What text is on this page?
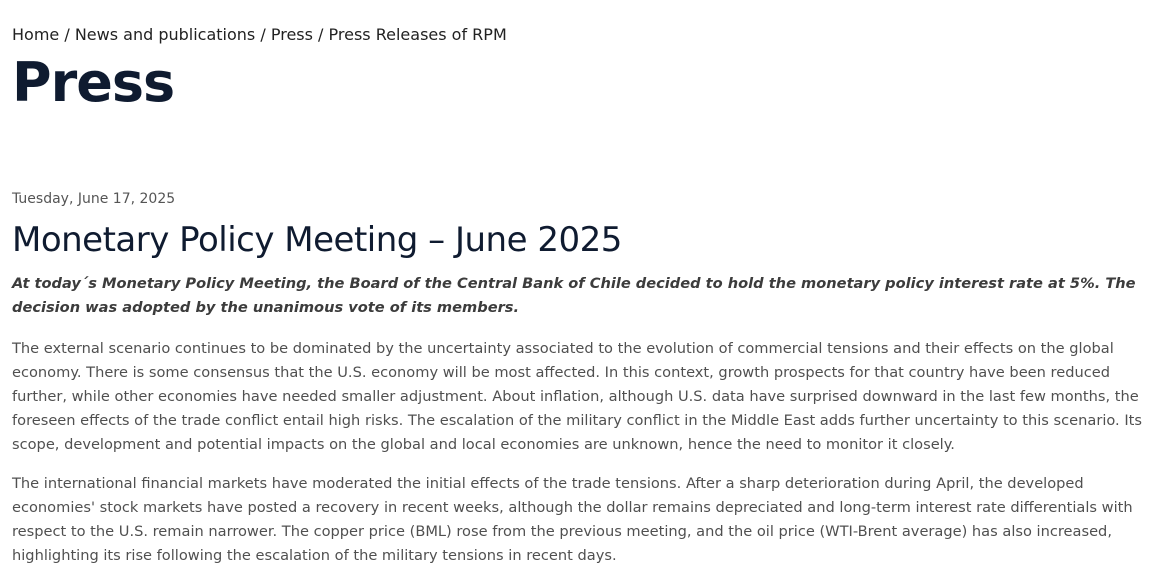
Home / News and publications / Press / Press Releases of RPM
Press
Tuesday, June 17, 2025
Monetary Policy Meeting – June 2025

At today´s Monetary Policy Meeting, the Board of the Central Bank of Chile decided to hold the monetary policy interest rate at 5%. The decision was adopted by the unanimous vote of its members.

The external scenario continues to be dominated by the uncertainty associated to the evolution of commercial tensions and their effects on the global economy. There is some consensus that the U.S. economy will be most affected. In this context, growth prospects for that country have been reduced further, while other economies have needed smaller adjustment. About inflation, although U.S. data have surprised downward in the last few months, the foreseen effects of the trade conflict entail high risks. The escalation of the military conflict in the Middle East adds further uncertainty to this scenario. Its scope, development and potential impacts on the global and local economies are unknown, hence the need to monitor it closely.

The international financial markets have moderated the initial effects of the trade tensions. After a sharp deterioration during April, the developed economies' stock markets have posted a recovery in recent weeks, although the dollar remains depreciated and long-term interest rate differentials with respect to the U.S. remain narrower. The copper price (BML) rose from the previous meeting, and the oil price (WTI-Brent average) has also increased, highlighting its rise following the escalation of the military tensions in recent days.
